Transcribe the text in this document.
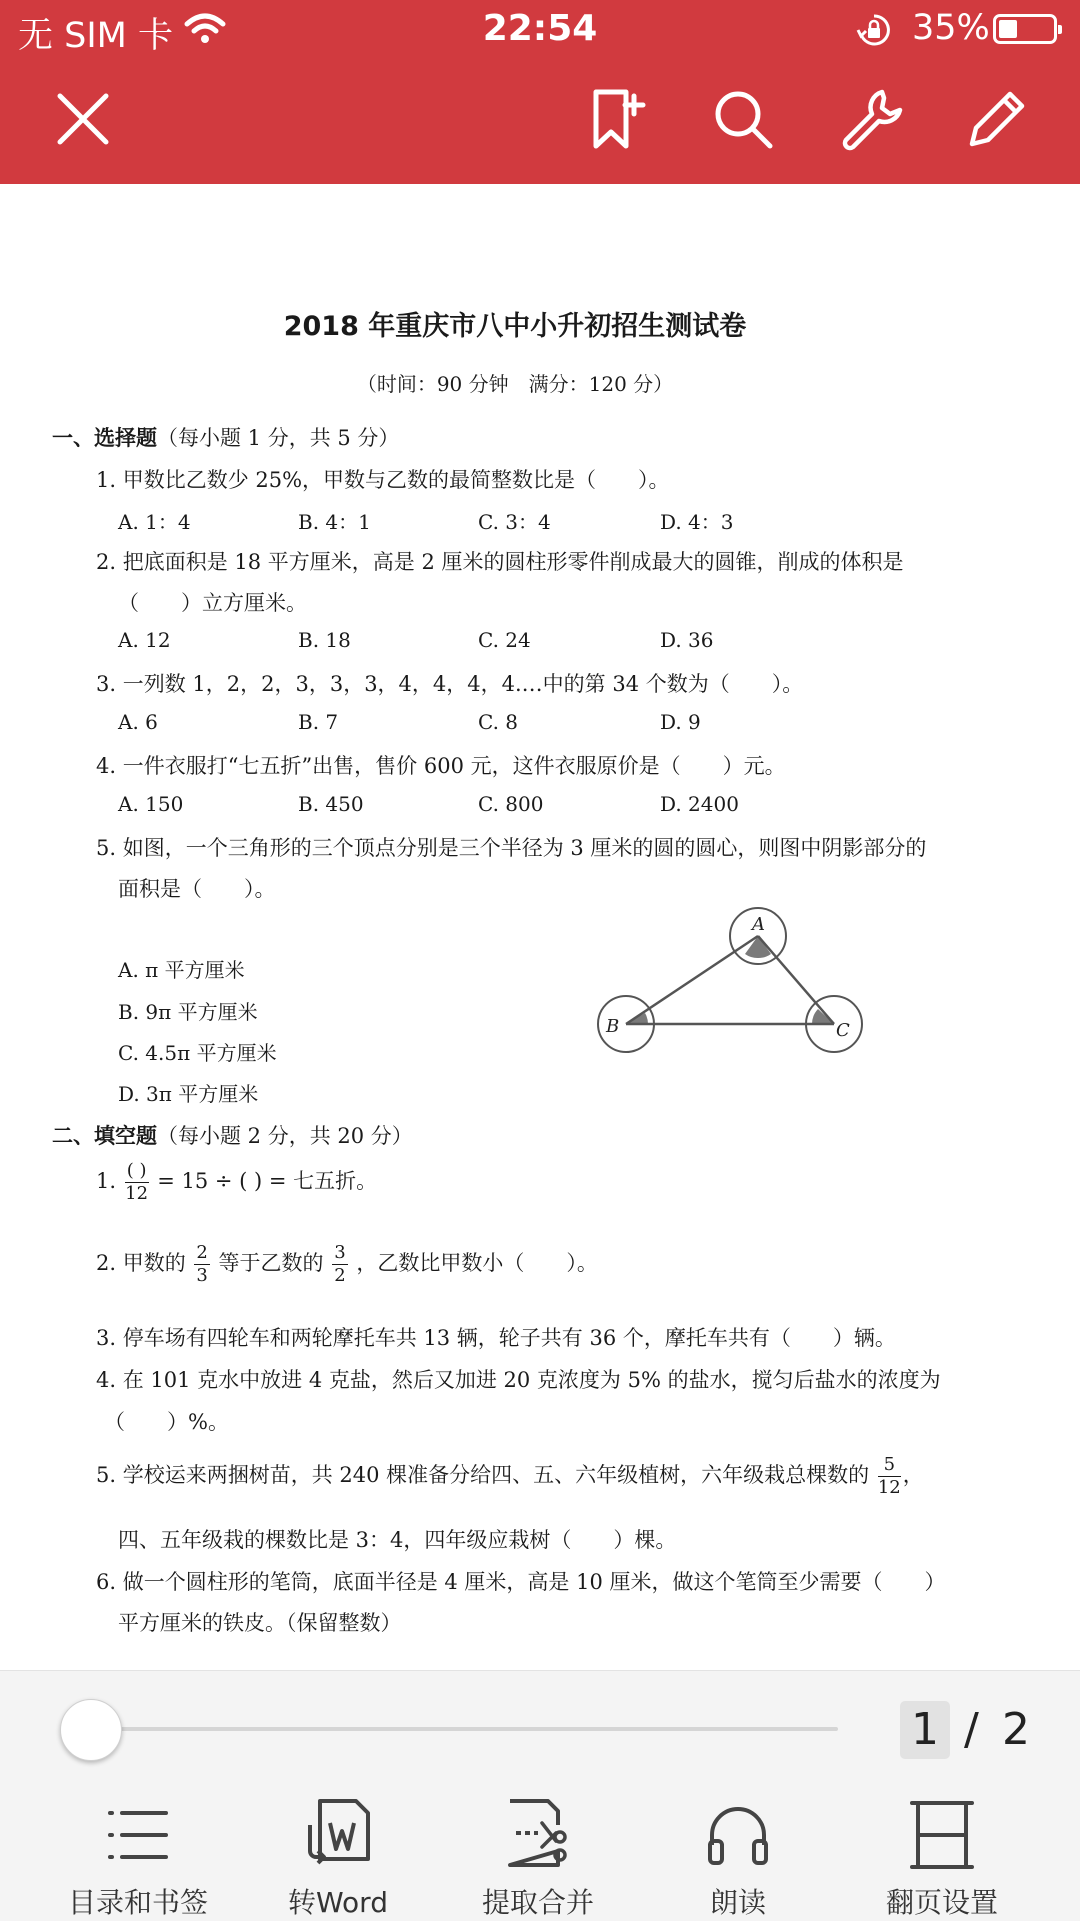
无 SIM 卡	22:54	35%
2018 年重庆市八中小升初招生测试卷
（时间：90 分钟　满分：120 分）
一、选择题（每小题 1 分，共 5 分）
1. 甲数比乙数少 25%，甲数与乙数的最简整数比是（　　）。
A. 1：4	B. 4：1	C. 3：4	D. 4：3
2. 把底面积是 18 平方厘米，高是 2 厘米的圆柱形零件削成最大的圆锥，削成的体积是
（　　）立方厘米。
A. 12	B. 18	C. 24	D. 36
3. 一列数 1，2，2，3，3，3，4，4，4，4.…中的第 34 个数为（　　）。
A. 6	B. 7	C. 8	D. 9
4. 一件衣服打“七五折”出售，售价 600 元，这件衣服原价是（　　）元。
A. 150	B. 450	C. 800	D. 2400
5. 如图，一个三角形的三个顶点分别是三个半径为 3 厘米的圆的圆心，则图中阴影部分的
面积是（　　）。
A. π 平方厘米
B. 9π 平方厘米
C. 4.5π 平方厘米
D. 3π 平方厘米
A
B	C
二、填空题（每小题 2 分，共 20 分）
1. $\frac{( )}{12} = 15$ ÷ ( ) = 七五折。
2. 甲数的 $\frac{2}{3}$ 等于乙数的 $\frac{3}{2}$ ，乙数比甲数小（　　）。
3. 停车场有四轮车和两轮摩托车共 13 辆，轮子共有 36 个，摩托车共有（　　）辆。
4. 在 101 克水中放进 4 克盐，然后又加进 20 克浓度为 5% 的盐水，搅匀后盐水的浓度为
（　　）%。
5. 学校运来两捆树苗，共 240 棵准备分给四、五、六年级植树，六年级栽总棵数的 $\frac{5}{12}$ ，
四、五年级栽的棵数比是 3：4，四年级应栽树（　　）棵。
6. 做一个圆柱形的笔筒，底面半径是 4 厘米，高是 10 厘米，做这个笔筒至少需要（　　）
平方厘米的铁皮。（保留整数）
1 / 2
目录和书签	转Word	提取合并	朗读	翻页设置
